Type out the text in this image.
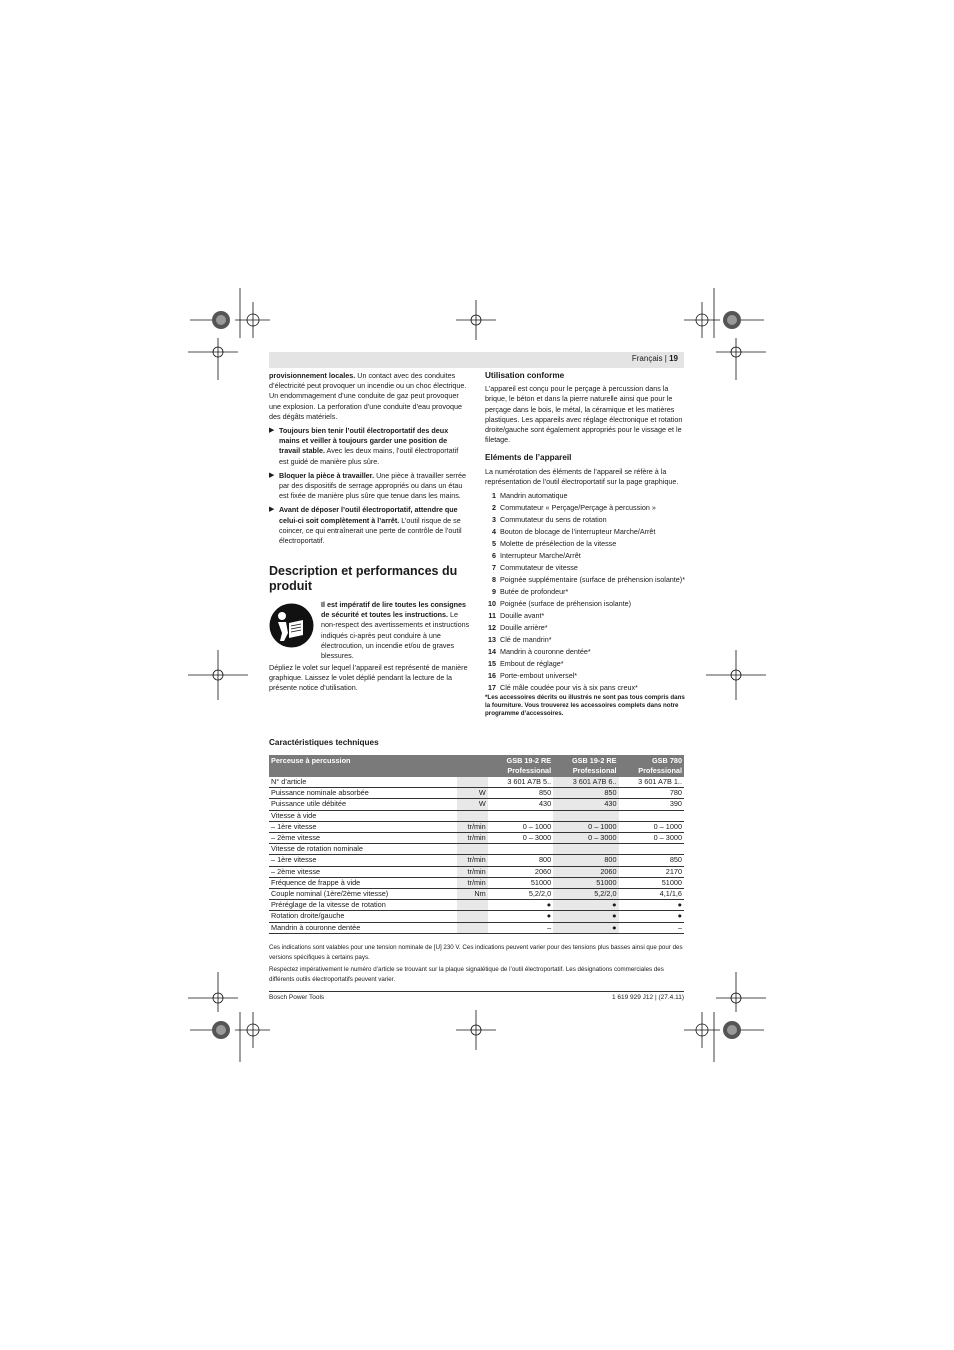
Français | 19

provisionnement locales. Un contact avec des conduites d’électricité peut provoquer un incendie ou un choc électrique. Un endommagement d’une conduite de gaz peut provoquer une explosion. La perforation d’une conduite d’eau provoque des dégâts matériels.

▶ Toujours bien tenir l’outil électroportatif des deux mains et veiller à toujours garder une position de travail stable. Avec les deux mains, l’outil électroportatif est guidé de manière plus sûre.

▶ Bloquer la pièce à travailler. Une pièce à travailler serrée par des dispositifs de serrage appropriés ou dans un étau est fixée de manière plus sûre que tenue dans les mains.

▶ Avant de déposer l’outil électroportatif, attendre que celui-ci soit complètement à l’arrêt. L’outil risque de se coincer, ce qui entraînerait une perte de contrôle de l’outil électroportatif.

Description et performances du produit
Il est impératif de lire toutes les consignes de sécurité et toutes les instructions. Le non-respect des avertissements et instructions indiqués ci-après peut conduire à une électrocution, un incendie et/ou de graves blessures.
Dépliez le volet sur lequel l’appareil est représenté de manière graphique. Laissez le volet déplié pendant la lecture de la présente notice d’utilisation.
Utilisation conforme

L’appareil est conçu pour le perçage à percussion dans la brique, le béton et dans la pierre naturelle ainsi que pour le perçage dans le bois, le métal, la céramique et les matières plastiques. Les appareils avec réglage électronique et rotation droite/gauche sont également appropriés pour le vissage et le filetage.

Eléments de l’appareil

La numérotation des éléments de l’appareil se réfère à la représentation de l’outil électroportatif sur la page graphique.

1 Mandrin automatique
2 Commutateur « Perçage/Perçage à percussion »
3 Commutateur du sens de rotation
4 Bouton de blocage de l’interrupteur Marche/Arrêt
5 Molette de présélection de la vitesse
6 Interrupteur Marche/Arrêt
7 Commutateur de vitesse
8 Poignée supplémentaire (surface de préhension isolante)*
9 Butée de profondeur*
10 Poignée (surface de préhension isolante)
11 Douille avant*
12 Douille arrière*
13 Clé de mandrin*
14 Mandrin à couronne dentée*
15 Embout de réglage*
16 Porte-embout universel*
17 Clé mâle coudée pour vis à six pans creux*

*Les accessoires décrits ou illustrés ne sont pas tous compris dans la fourniture. Vous trouverez les accessoires complets dans notre programme d’accessoires.

Caractéristiques techniques
Perceuse à percussion		GSB 19-2 RE Professional	GSB 19-2 RE Professional	GSB 780 Professional
N° d’article		3 601 A7B 5..	3 601 A7B 6..	3 601 A7B 1..
Puissance nominale absorbée	W	850	850	780
Puissance utile débitée	W	430	430	390
Vitesse à vide				
– 1ère vitesse	tr/min	0 – 1000	0 – 1000	0 – 1000
– 2ème vitesse	tr/min	0 – 3000	0 – 3000	0 – 3000
Vitesse de rotation nominale				
– 1ère vitesse	tr/min	800	800	850
– 2ème vitesse	tr/min	2060	2060	2170
Fréquence de frappe à vide	tr/min	51000	51000	51000
Couple nominal (1ère/2ème vitesse)	Nm	5,2/2,0	5,2/2,0	4,1/1,6
Préréglage de la vitesse de rotation		●	●	●
Rotation droite/gauche		●	●	●
Mandrin à couronne dentée		–	●	–

Ces indications sont valables pour une tension nominale de [U] 230 V. Ces indications peuvent varier pour des tensions plus basses ainsi que pour des versions spécifiques à certains pays.

Respectez impérativement le numéro d’article se trouvant sur la plaque signalétique de l’outil électroportatif. Les désignations commerciales des différents outils électroportatifs peuvent varier.

Bosch Power Tools	1 619 929 J12 | (27.4.11)
